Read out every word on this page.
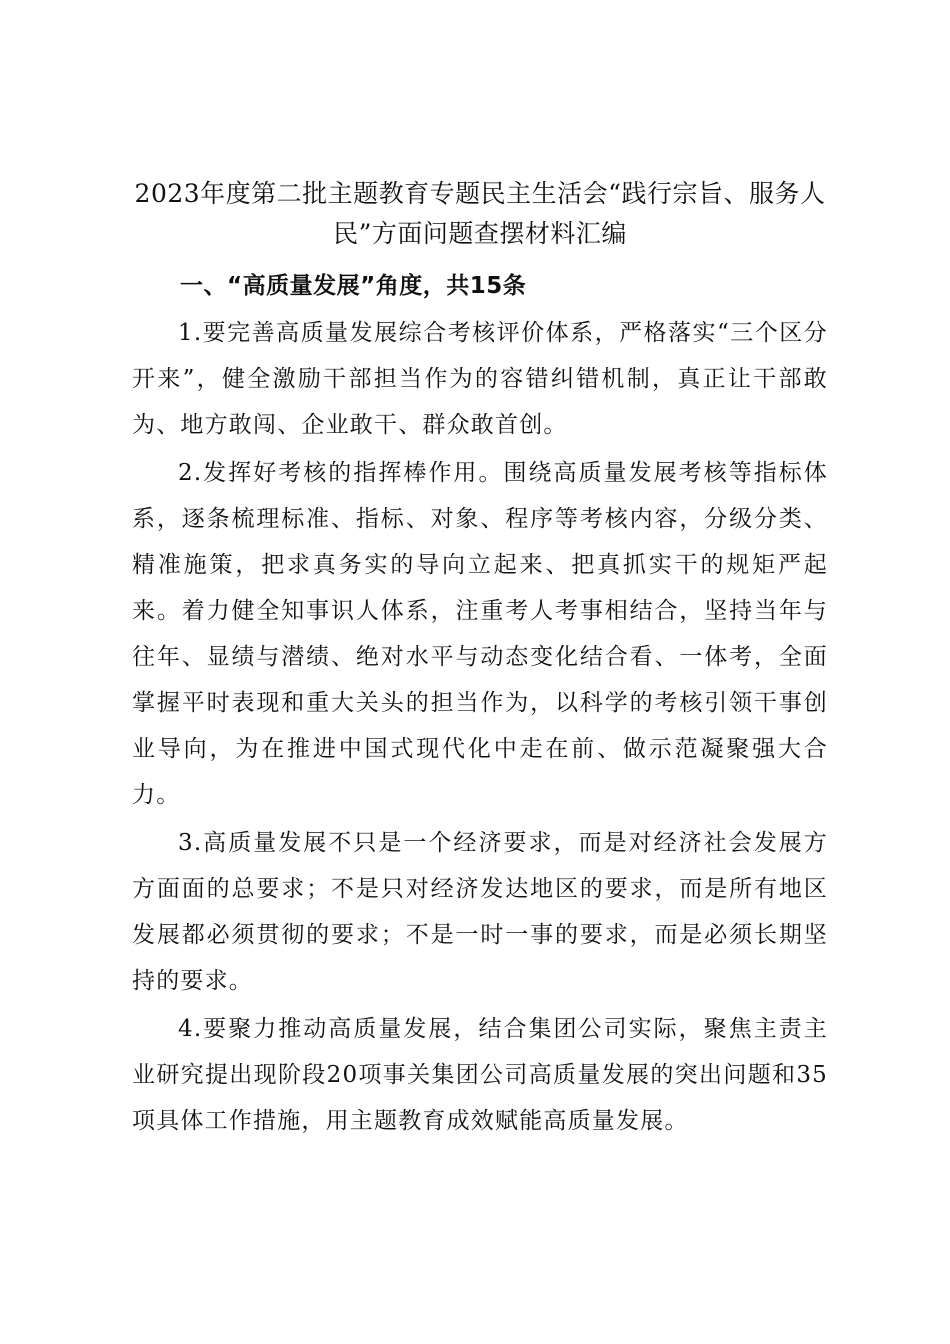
2023年度第二批主题教育专题民主生活会“践行宗旨、服务人民”方面问题查摆材料汇编
一、“高质量发展”角度，共15条

1.要完善高质量发展综合考核评价体系，严格落实“三个区分开来”，健全激励干部担当作为的容错纠错机制，真正让干部敢为、地方敢闯、企业敢干、群众敢首创。

2.发挥好考核的指挥棒作用。围绕高质量发展考核等指标体系，逐条梳理标准、指标、对象、程序等考核内容，分级分类、精准施策，把求真务实的导向立起来、把真抓实干的规矩严起来。着力健全知事识人体系，注重考人考事相结合，坚持当年与往年、显绩与潜绩、绝对水平与动态变化结合看、一体考，全面掌握平时表现和重大关头的担当作为，以科学的考核引领干事创业导向，为在推进中国式现代化中走在前、做示范凝聚强大合力。

3.高质量发展不只是一个经济要求，而是对经济社会发展方方面面的总要求；不是只对经济发达地区的要求，而是所有地区发展都必须贯彻的要求；不是一时一事的要求，而是必须长期坚持的要求。

4.要聚力推动高质量发展，结合集团公司实际，聚焦主责主业研究提出现阶段20项事关集团公司高质量发展的突出问题和35项具体工作措施，用主题教育成效赋能高质量发展。
